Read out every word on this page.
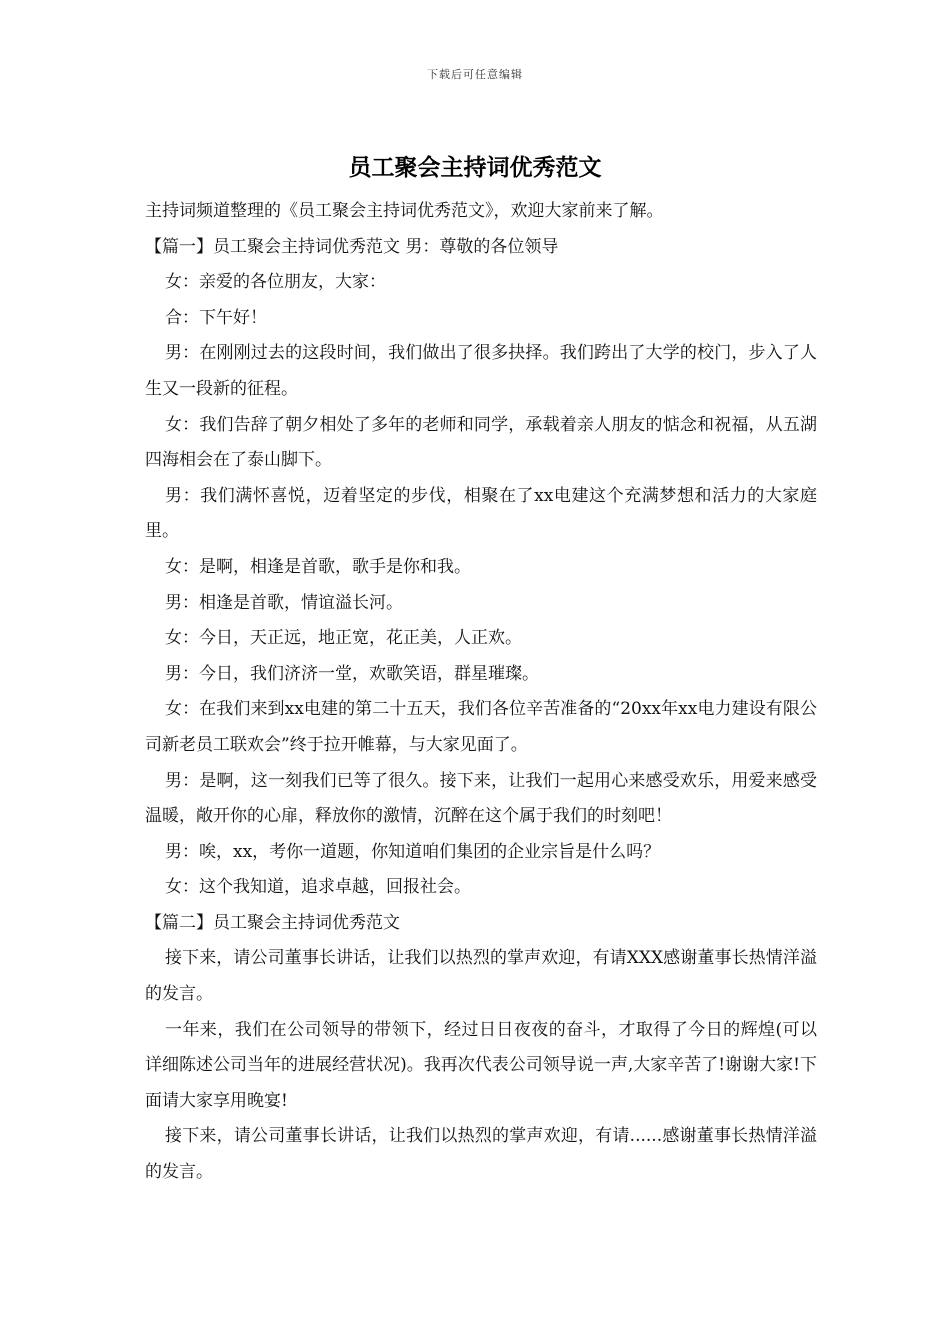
下载后可任意编辑
员工聚会主持词优秀范文

主持词频道整理的《员工聚会主持词优秀范文》，欢迎大家前来了解。

【篇一】员工聚会主持词优秀范文 男：尊敬的各位领导

女：亲爱的各位朋友，大家：

合：下午好！

男：在刚刚过去的这段时间，我们做出了很多抉择。我们跨出了大学的校门，步入了人生又一段新的征程。

女：我们告辞了朝夕相处了多年的老师和同学，承载着亲人朋友的惦念和祝福，从五湖四海相会在了泰山脚下。

男：我们满怀喜悦，迈着坚定的步伐，相聚在了xx电建这个充满梦想和活力的大家庭里。

女：是啊，相逢是首歌，歌手是你和我。

男：相逢是首歌，情谊溢长河。

女：今日，天正远，地正宽，花正美，人正欢。

男：今日，我们济济一堂，欢歌笑语，群星璀璨。

女：在我们来到xx电建的第二十五天，我们各位辛苦准备的“20xx年xx电力建设有限公司新老员工联欢会”终于拉开帷幕，与大家见面了。

男：是啊，这一刻我们已等了很久。接下来，让我们一起用心来感受欢乐，用爱来感受温暖，敞开你的心扉，释放你的激情，沉醉在这个属于我们的时刻吧！

男：唉，xx，考你一道题，你知道咱们集团的企业宗旨是什么吗？

女：这个我知道，追求卓越，回报社会。

【篇二】员工聚会主持词优秀范文

接下来，请公司董事长讲话，让我们以热烈的掌声欢迎，有请XXX感谢董事长热情洋溢的发言。

一年来，我们在公司领导的带领下，经过日日夜夜的奋斗，才取得了今日的辉煌(可以详细陈述公司当年的进展经营状况)。我再次代表公司领导说一声,大家辛苦了!谢谢大家!下面请大家享用晚宴!

接下来，请公司董事长讲话，让我们以热烈的掌声欢迎，有请......感谢董事长热情洋溢的发言。
